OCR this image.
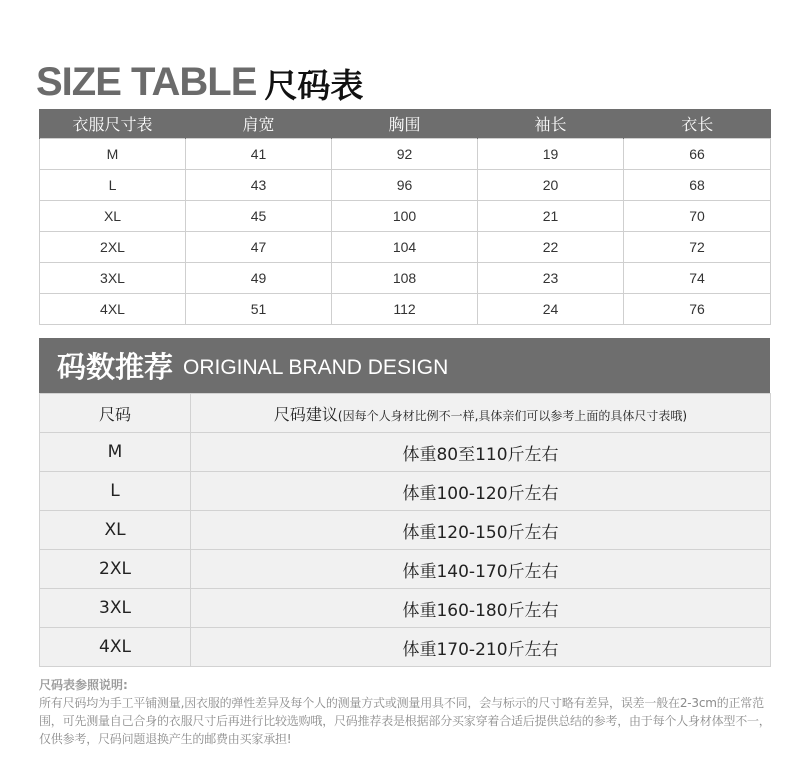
SIZE TABLE 尺码表
衣服尺寸表	肩宽	胸围	袖长	衣长
M	41	92	19	66
L	43	96	20	68
XL	45	100	21	70
2XL	47	104	22	72
3XL	49	108	23	74
4XL	51	112	24	76
码数推荐 ORIGINAL BRAND DESIGN
尺码	尺码建议(因每个人身材比例不一样,具体亲们可以参考上面的具体尺寸表哦)
M	体重80至110斤左右
L	体重100-120斤左右
XL	体重120-150斤左右
2XL	体重140-170斤左右
3XL	体重160-180斤左右
4XL	体重170-210斤左右
尺码表参照说明:
所有尺码均为手工平铺测量,因衣服的弹性差异及每个人的测量方式或测量用具不同，会与标示的尺寸略有差异，误差一般在2-3cm的正常范围，可先测量自己合身的衣服尺寸后再进行比较选购哦，尺码推荐表是根据部分买家穿着合适后提供总结的参考，由于每个人身材体型不一，仅供参考，尺码问题退换产生的邮费由买家承担!
